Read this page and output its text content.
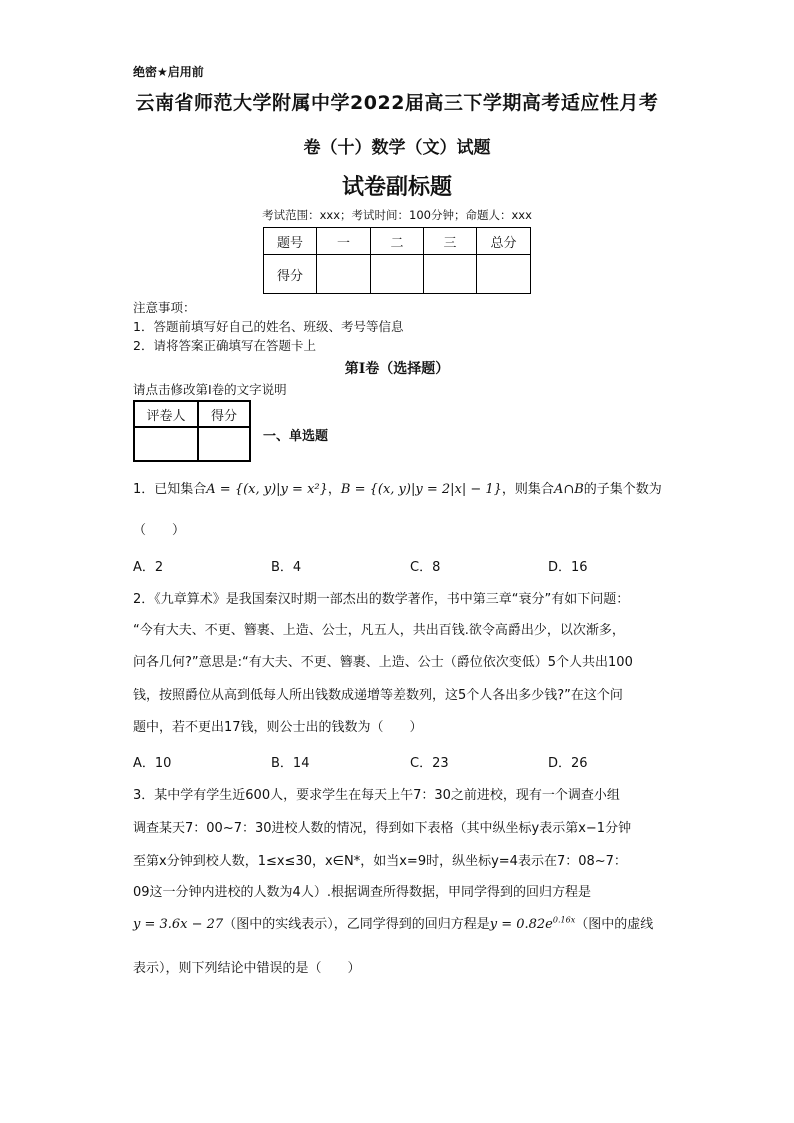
绝密★启用前
云南省师范大学附属中学2022届高三下学期高考适应性月考
卷（十）数学（文）试题
试卷副标题
考试范围：xxx；考试时间：100分钟；命题人：xxx
题号	一	二	三	总分
得分				
注意事项：
1．答题前填写好自己的姓名、班级、考号等信息
2．请将答案正确填写在答题卡上
第I卷（选择题）
请点击修改第I卷的文字说明
评卷人	得分

一、单选题
1．已知集合A = {(x, y)|y = x²}，B = {(x, y)|y = 2|x| − 1}，则集合A∩B的子集个数为
（　　）
A．2	B．4	C．8	D．16
2．《九章算术》是我国秦汉时期一部杰出的数学著作，书中第三章“衰分”有如下问题：
“今有大夫、不更、簪裹、上造、公士，凡五人，共出百钱.欲令高爵出少，以次渐多，
问各几何?”意思是:“有大夫、不更、簪裹、上造、公士（爵位依次变低）5个人共出100
钱，按照爵位从高到低每人所出钱数成递增等差数列，这5个人各出多少钱?”在这个问
题中，若不更出17钱，则公士出的钱数为（　　）
A．10	B．14	C．23	D．26
3．某中学有学生近600人，要求学生在每天上午7：30之前进校，现有一个调查小组
调查某天7：00~7：30进校人数的情况，得到如下表格（其中纵坐标y表示第x−1分钟
至第x分钟到校人数，1≤x≤30，x∈N*，如当x=9时，纵坐标y=4表示在7：08~7：
09这一分钟内进校的人数为4人）.根据调查所得数据，甲同学得到的回归方程是
y = 3.6x − 27（图中的实线表示），乙同学得到的回归方程是$y = 0.82e^{0.16x}$（图中的虚线
表示），则下列结论中错误的是（　　）
